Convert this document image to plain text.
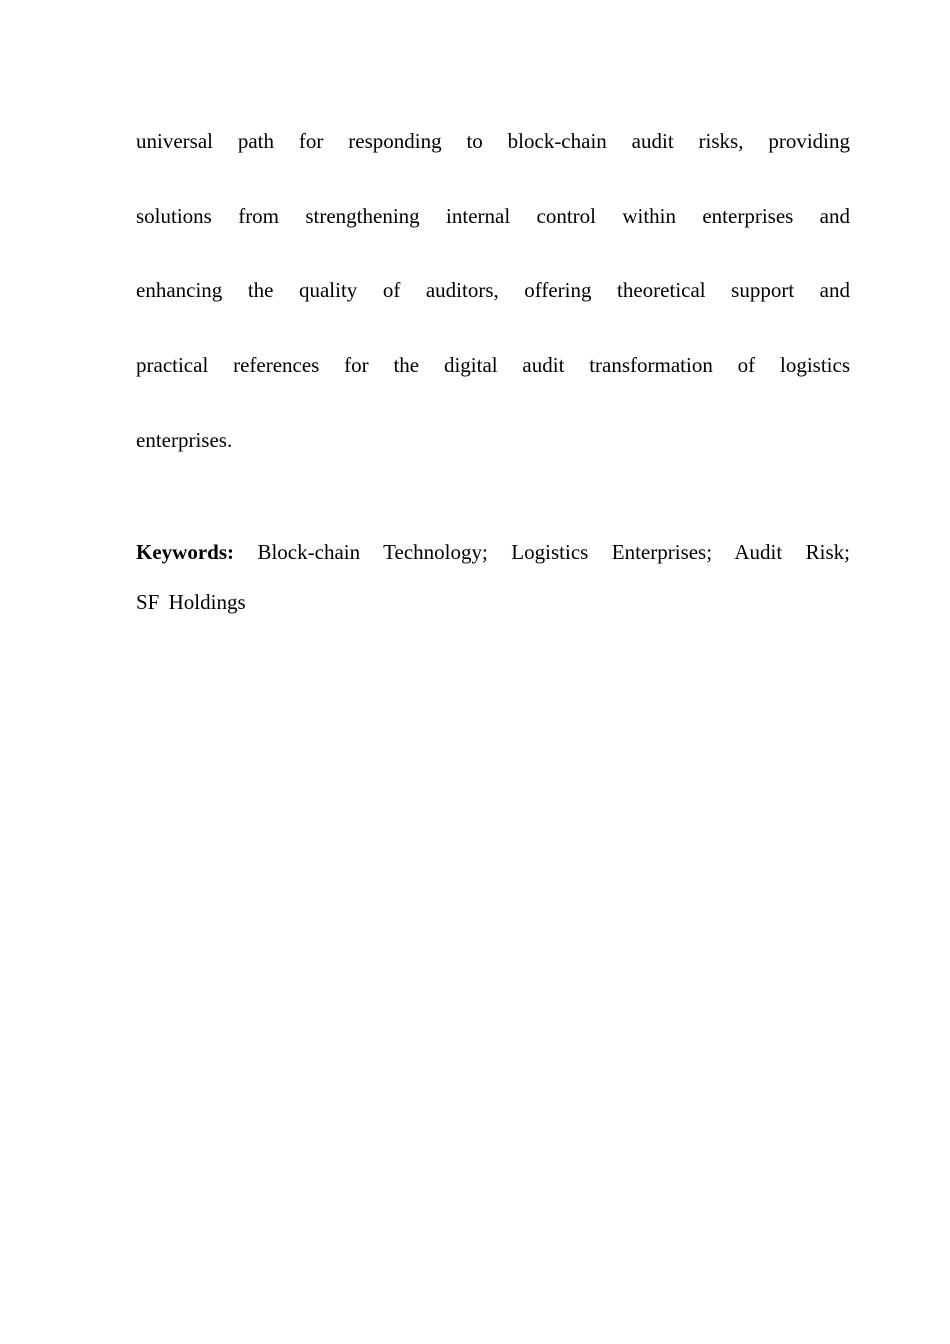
universal path for responding to block-chain audit risks, providing
solutions from strengthening internal control within enterprises and
enhancing the quality of auditors, offering theoretical support and
practical references for the digital audit transformation of logistics
enterprises.
Keywords: Block-chain Technology; Logistics Enterprises; Audit Risk;
SF Holdings
